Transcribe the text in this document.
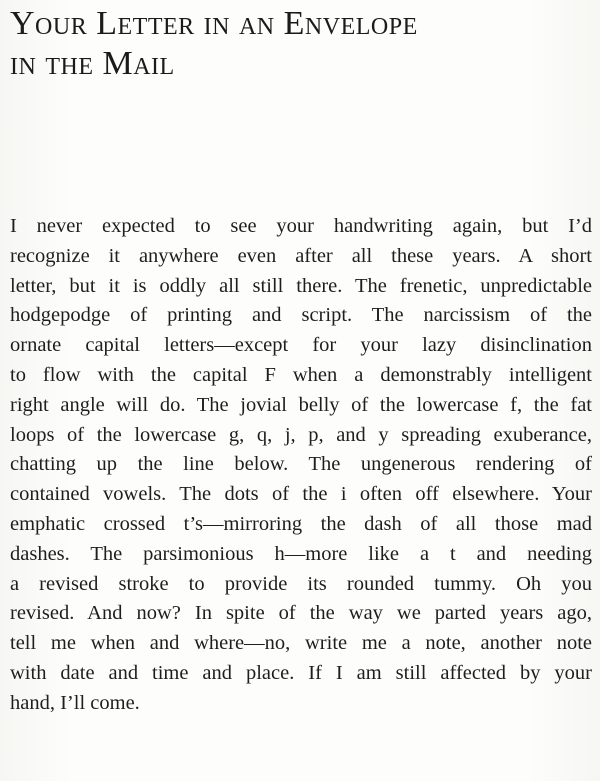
Your Letter in an Envelope
in the Mail
I never expected to see your handwriting again, but I’d
recognize it anywhere even after all these years. A short
letter, but it is oddly all still there. The frenetic, unpredictable
hodgepodge of printing and script. The narcissism of the
ornate capital letters—except for your lazy disinclination
to flow with the capital F when a demonstrably intelligent
right angle will do. The jovial belly of the lowercase f, the fat
loops of the lowercase g, q, j, p, and y spreading exuberance,
chatting up the line below. The ungenerous rendering of
contained vowels. The dots of the i often off elsewhere. Your
emphatic crossed t’s—mirroring the dash of all those mad
dashes. The parsimonious h—more like a t and needing
a revised stroke to provide its rounded tummy. Oh you
revised. And now? In spite of the way we parted years ago,
tell me when and where—no, write me a note, another note
with date and time and place. If I am still affected by your
hand, I’ll come.
